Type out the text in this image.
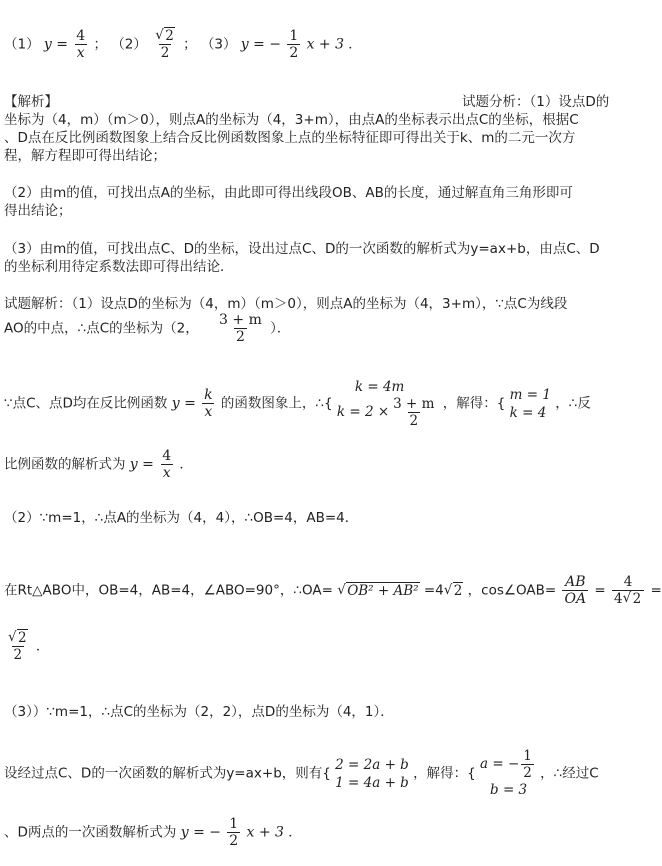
（1） $y = \frac{4}{x}$ ； （2） √ $\frac{2}{2}$ ； （3） y = − $\frac{1}{2}$ x + 3 ．
【解析】	试题分析：（1）设点D的
坐标为（4，m）（m＞0），则点A的坐标为（4，3+m），由点A的坐标表示出点C的坐标，根据C
、D点在反比例函数图象上结合反比例函数图象上点的坐标特征即可得出关于k、m的二元一次方
程，解方程即可得出结论；
（2）由m的值，可找出点A的坐标，由此即可得出线段OB、AB的长度，通过解直角三角形即可
得出结论；
（3）由m的值，可找出点C、D的坐标，设出过点C、D的一次函数的解析式为y=ax+b，由点C、D
的坐标利用待定系数法即可得出结论．
试题解析：（1）设点D的坐标为（4，m）（m＞0），则点A的坐标为（4，3+m），∵点C为线段
AO的中点，∴点C的坐标为（2， $\frac{3 + m}{2}$ ）．
∵点C、点D均在反比例函数 $y = \frac{k}{x}$ 的函数图象上，∴{
k = 4m
$k = 2 \times \frac{3 + m}{2}$ ，解得：{
m = 1
k = 4
，∴反
比例函数的解析式为 $y = \frac{4}{x}$ ．
（2）∵m=1，∴点A的坐标为（4，4），∴OB=4，AB=4．
在Rt△ABO中，OB=4，AB=4，∠ABO=90°，∴OA= √ OB² + AB² =4 √ 2 ，cos∠OAB= $\frac{AB}{OA} = \frac{4}{4 √ 2}$ =
√ $\frac{2}{2}$ ．
（3））∵m=1，∴点C的坐标为（2，2），点D的坐标为（4，1）．
设经过点C、D的一次函数的解析式为y=ax+b，则有{
2 = 2a + b
1 = 4a + b
，解得：{
a = − $\frac{1}{2}$
b = 3
，∴经过C
、D两点的一次函数解析式为 y = − $\frac{1}{2}$ x + 3 ．
